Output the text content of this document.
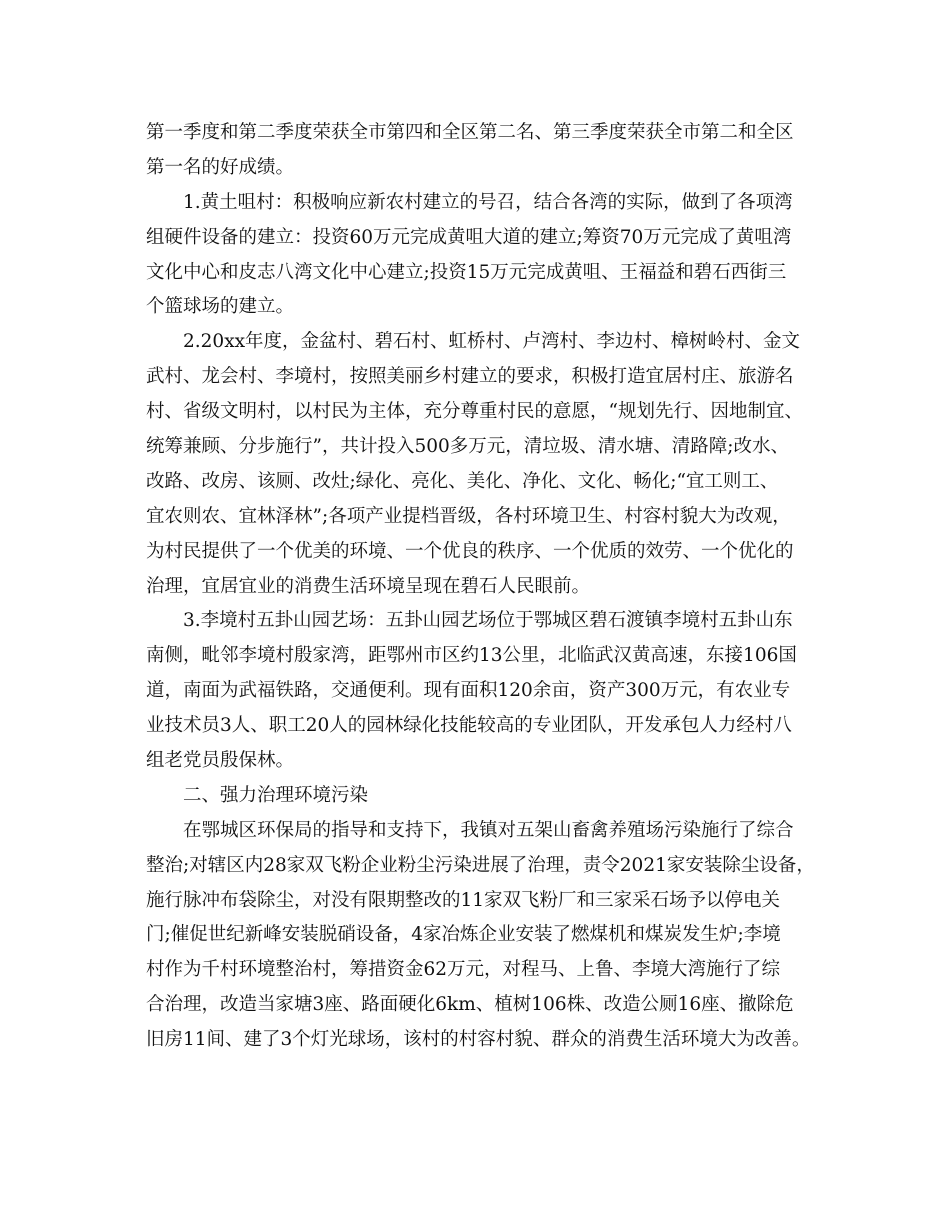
第一季度和第二季度荣获全市第四和全区第二名、第三季度荣获全市第二和全区
第一名的好成绩。
1.黄土咀村：积极响应新农村建立的号召，结合各湾的实际，做到了各项湾
组硬件设备的建立：投资60万元完成黄咀大道的建立;筹资70万元完成了黄咀湾
文化中心和皮志八湾文化中心建立;投资15万元完成黄咀、王福益和碧石西街三
个篮球场的建立。
2.20xx年度，金盆村、碧石村、虹桥村、卢湾村、李边村、樟树岭村、金文
武村、龙会村、李境村，按照美丽乡村建立的要求，积极打造宜居村庄、旅游名
村、省级文明村，以村民为主体，充分尊重村民的意愿，“规划先行、因地制宜、
统筹兼顾、分步施行”，共计投入500多万元，清垃圾、清水塘、清路障;改水、
改路、改房、该厕、改灶;绿化、亮化、美化、净化、文化、畅化;“宜工则工、
宜农则农、宜林泽林”;各项产业提档晋级，各村环境卫生、村容村貌大为改观，
为村民提供了一个优美的环境、一个优良的秩序、一个优质的效劳、一个优化的
治理，宜居宜业的消费生活环境呈现在碧石人民眼前。
3.李境村五卦山园艺场：五卦山园艺场位于鄂城区碧石渡镇李境村五卦山东
南侧，毗邻李境村殷家湾，距鄂州市区约13公里，北临武汉黄高速，东接106国
道，南面为武福铁路，交通便利。现有面积120余亩，资产300万元，有农业专
业技术员3人、职工20人的园林绿化技能较高的专业团队，开发承包人力经村八
组老党员殷保林。
二、强力治理环境污染
在鄂城区环保局的指导和支持下，我镇对五架山畜禽养殖场污染施行了综合
整治;对辖区内28家双飞粉企业粉尘污染进展了治理，责令2021家安装除尘设备，
施行脉冲布袋除尘，对没有限期整改的11家双飞粉厂和三家采石场予以停电关
门;催促世纪新峰安装脱硝设备，4家冶炼企业安装了燃煤机和煤炭发生炉;李境
村作为千村环境整治村，筹措资金62万元，对程马、上鲁、李境大湾施行了综
合治理，改造当家塘3座、路面硬化6km、植树106株、改造公厕16座、撤除危
旧房11间、建了3个灯光球场，该村的村容村貌、群众的消费生活环境大为改善。
